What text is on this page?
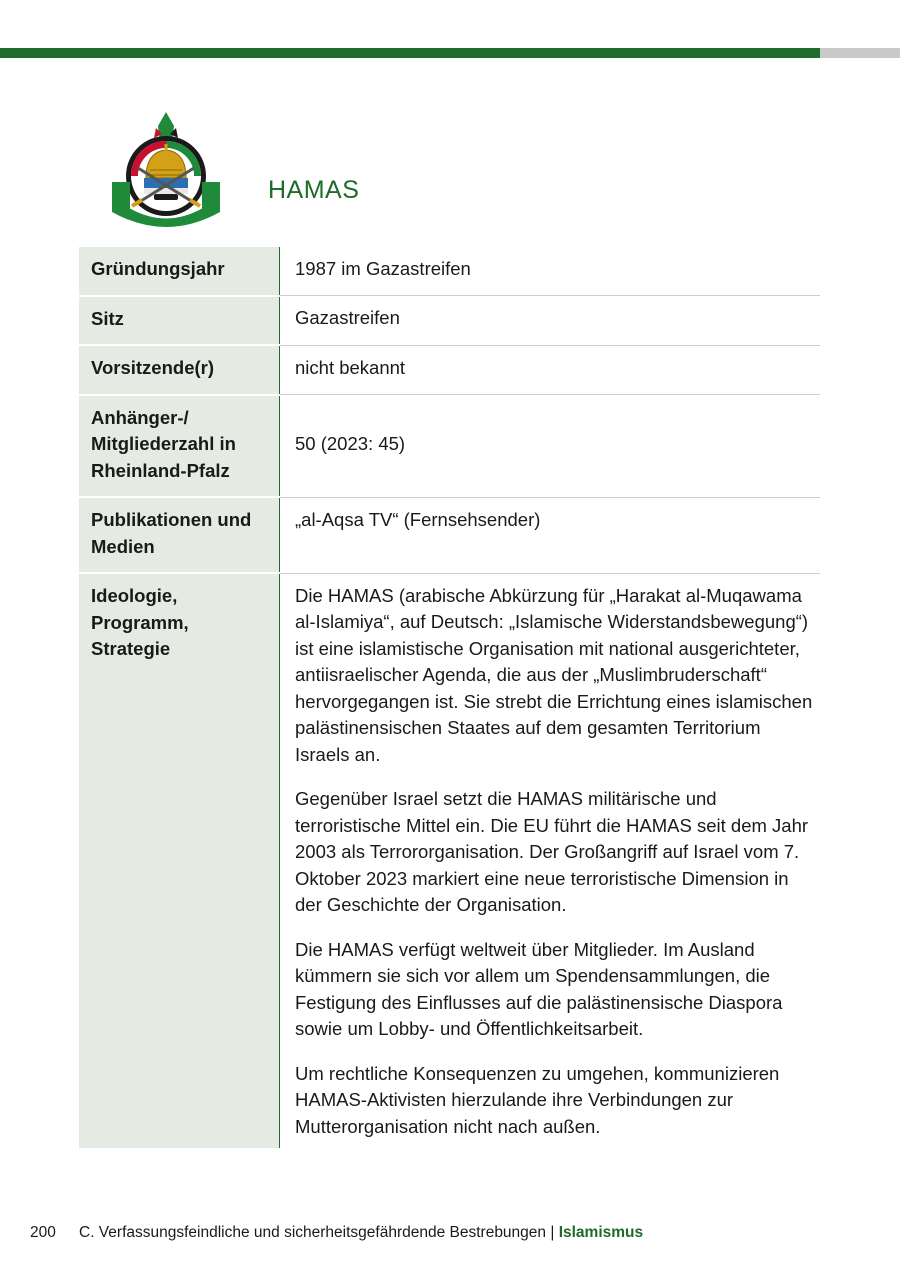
HAMAS
Gründungsjahr	1987 im Gazastreifen
Sitz	Gazastreifen
Vorsitzende(r)	nicht bekannt
Anhänger-/ Mitgliederzahl in Rheinland-Pfalz	50 (2023: 45)
Publikationen und Medien	„al-Aqsa TV“ (Fernsehsender)
Ideologie, Programm, Strategie	Die HAMAS (arabische Abkürzung für „Harakat al-Muqawama al-Islamiya“, auf Deutsch: „Islamische Widerstandsbewegung“) ist eine islamistische Organisation mit national ausgerichteter, antiisraelischer Agenda, die aus der „Muslimbruderschaft“ hervorgegangen ist. Sie strebt die Errichtung eines islamischen palästinensischen Staates auf dem gesamten Territorium Israels an.

Gegenüber Israel setzt die HAMAS militärische und terroristische Mittel ein. Die EU führt die HAMAS seit dem Jahr 2003 als Terrororganisation. Der Großangriff auf Israel vom 7. Oktober 2023 markiert eine neue terroristische Dimension in der Geschichte der Organisation.

Die HAMAS verfügt weltweit über Mitglieder. Im Ausland kümmern sie sich vor allem um Spendensammlungen, die Festigung des Einflusses auf die palästinensische Diaspora sowie um Lobby- und Öffentlichkeitsarbeit.

Um rechtliche Konsequenzen zu umgehen, kommunizieren HAMAS-Aktivisten hierzulande ihre Verbindungen zur Mutterorganisation nicht nach außen.

200 C. Verfassungsfeindliche und sicherheitsgefährdende Bestrebungen | Islamismus
